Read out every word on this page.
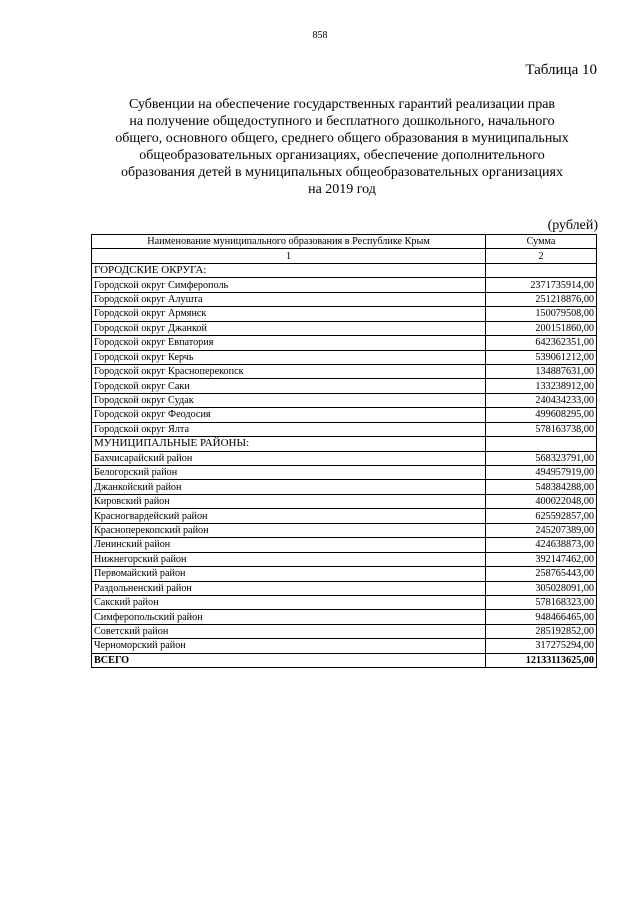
858
Таблица 10
Субвенции на обеспечение государственных гарантий реализации прав
на получение общедоступного и бесплатного дошкольного, начального
общего, основного общего, среднего общего образования в муниципальных
общеобразовательных организациях, обеспечение дополнительного
образования детей в муниципальных общеобразовательных организациях
на 2019 год
(рублей)
Наименование муниципального образования в Республике Крым	Сумма
1	2
ГОРОДСКИЕ ОКРУГА:	
Городской округ Симферополь	2371735914,00
Городской округ Алушта	251218876,00
Городской округ Армянск	150079508,00
Городской округ Джанкой	200151860,00
Городской округ Евпатория	642362351,00
Городской округ Керчь	539061212,00
Городской округ Красноперекопск	134887631,00
Городской округ Саки	133238912,00
Городской округ Судак	240434233,00
Городской округ Феодосия	499608295,00
Городской округ Ялта	578163738,00
МУНИЦИПАЛЬНЫЕ РАЙОНЫ:	
Бахчисарайский район	568323791,00
Белогорский район	494957919,00
Джанкойский район	548384288,00
Кировский район	400022048,00
Красногвардейский район	625592857,00
Красноперекопский район	245207389,00
Ленинский район	424638873,00
Нижнегорский район	392147462,00
Первомайский район	258765443,00
Раздольненский район	305028091,00
Сакский район	578168323,00
Симферопольский район	948466465,00
Советский район	285192852,00
Черноморский район	317275294,00
ВСЕГО	12133113625,00
